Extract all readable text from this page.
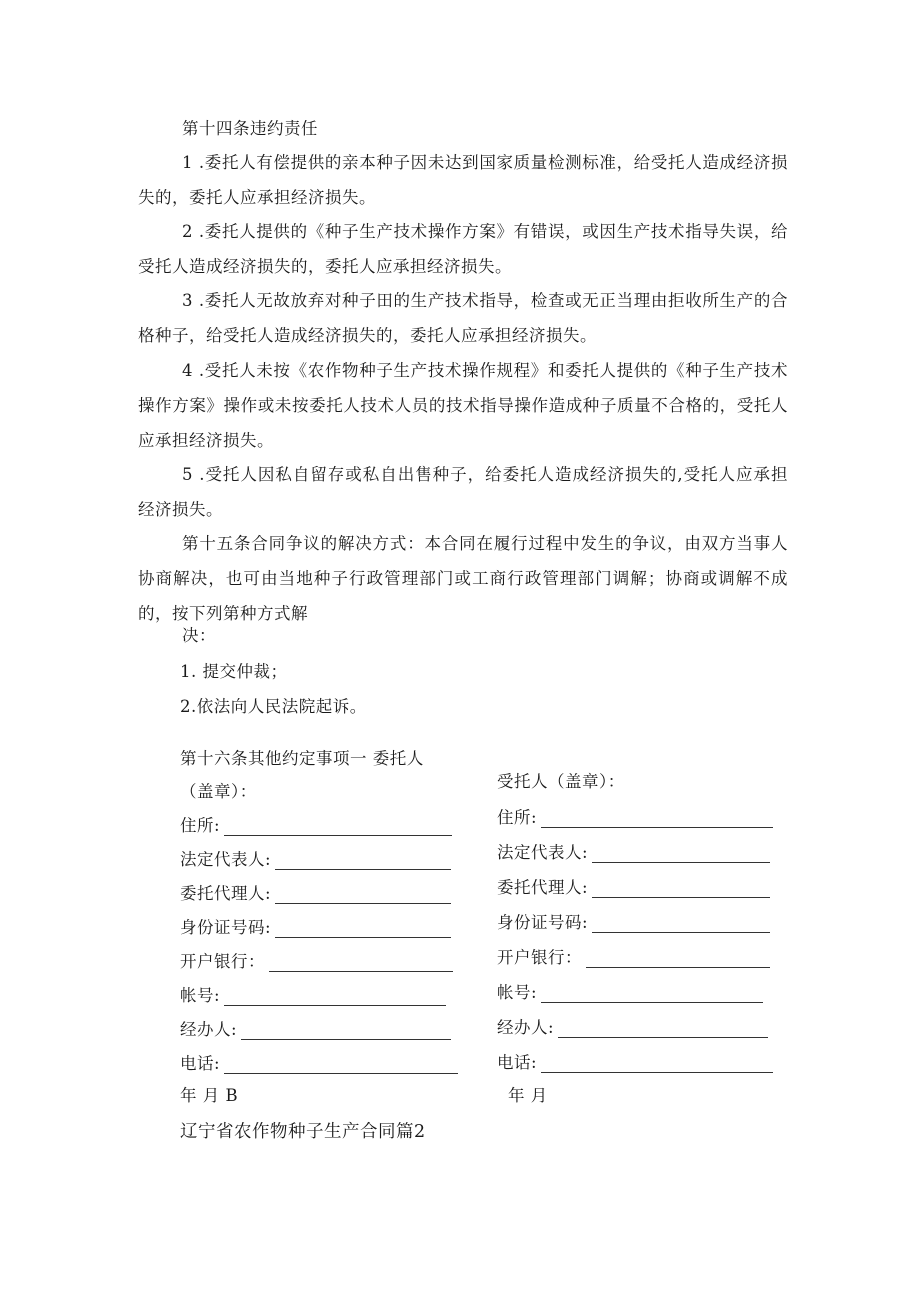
第十四条违约责任

1 .委托人有偿提供的亲本种子因未达到国家质量检测标准，给受托人造成经济损失的，委托人应承担经济损失。

2 .委托人提供的《种子生产技术操作方案》有错误，或因生产技术指导失误，给受托人造成经济损失的，委托人应承担经济损失。

3 .委托人无故放弃对种子田的生产技术指导，检查或无正当理由拒收所生产的合格种子，给受托人造成经济损失的，委托人应承担经济损失。

4 .受托人未按《农作物种子生产技术操作规程》和委托人提供的《种子生产技术操作方案》操作或未按委托人技术人员的技术指导操作造成种子质量不合格的，受托人应承担经济损失。

5 .受托人因私自留存或私自出售种子，给委托人造成经济损失的,受托人应承担经济损失。

第十五条合同争议的解决方式：本合同在履行过程中发生的争议，由双方当事人协商解决，也可由当地种子行政管理部门或工商行政管理部门调解；协商或调解不成的，按下列第种方式解

决：
1. 提交仲裁；
2.依法向人民法院起诉。
第十六条其他约定事项一 委托人
（盖章）：
受托人（盖章）：
住所:
法定代表人:
委托代理人:
身份证号码:
开户银行：
帐号:
经办人:
电话:
年 月 B
住所:
法定代表人:
委托代理人:
身份证号码:
开户银行：
帐号:
经办人:
电话:
年 月
辽宁省农作物种子生产合同篇2
